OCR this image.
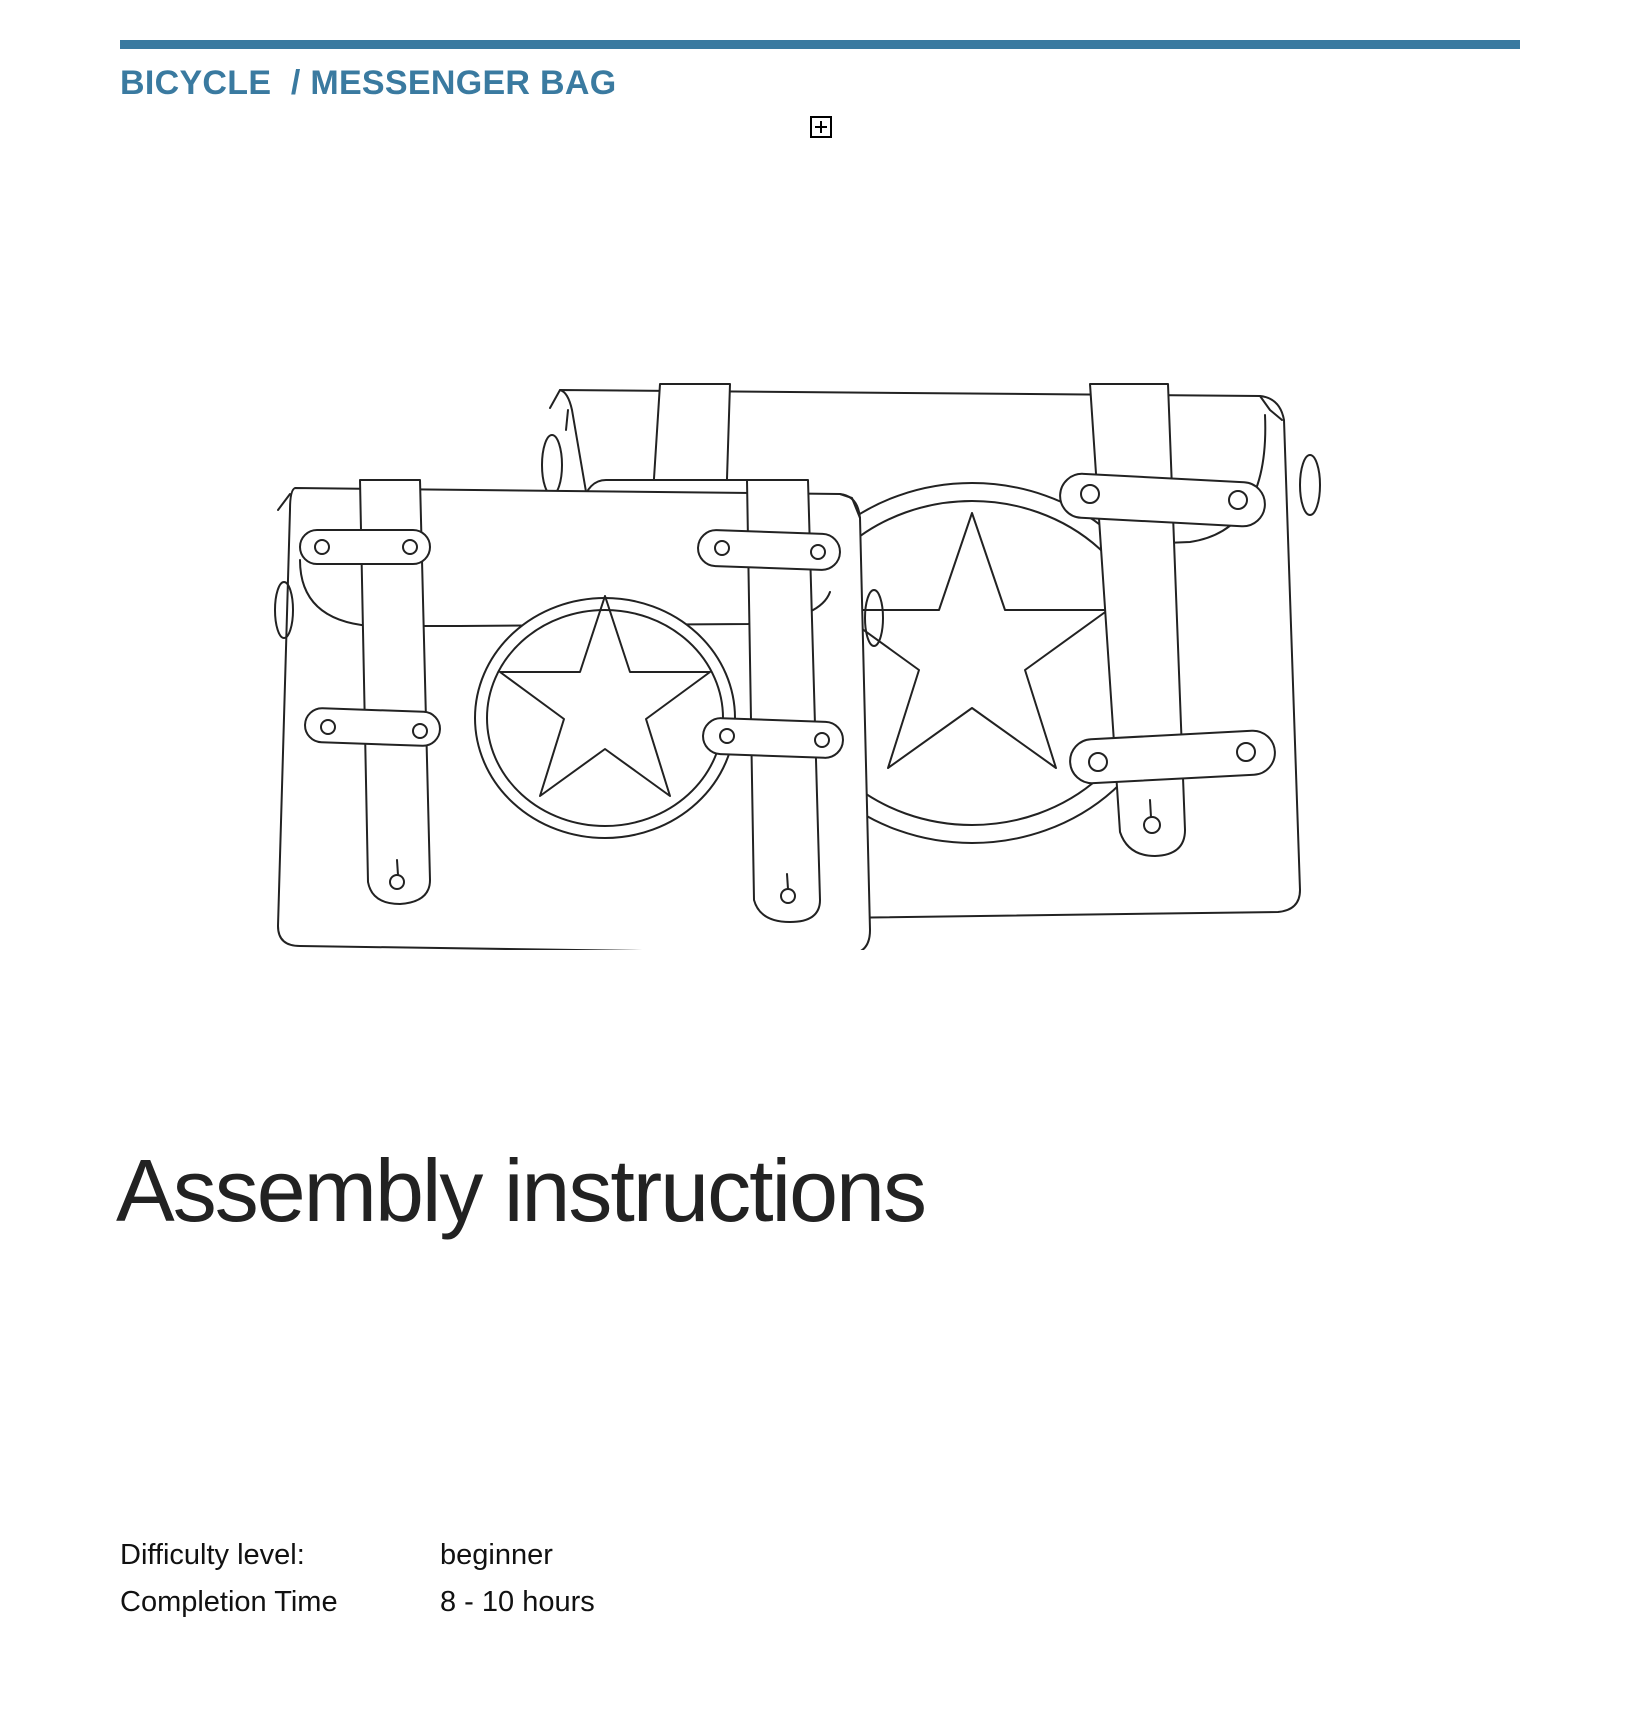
BICYCLE  / MESSENGER BAG
Assembly instructions
Difficulty level:	beginner
Completion Time	8 - 10 hours
